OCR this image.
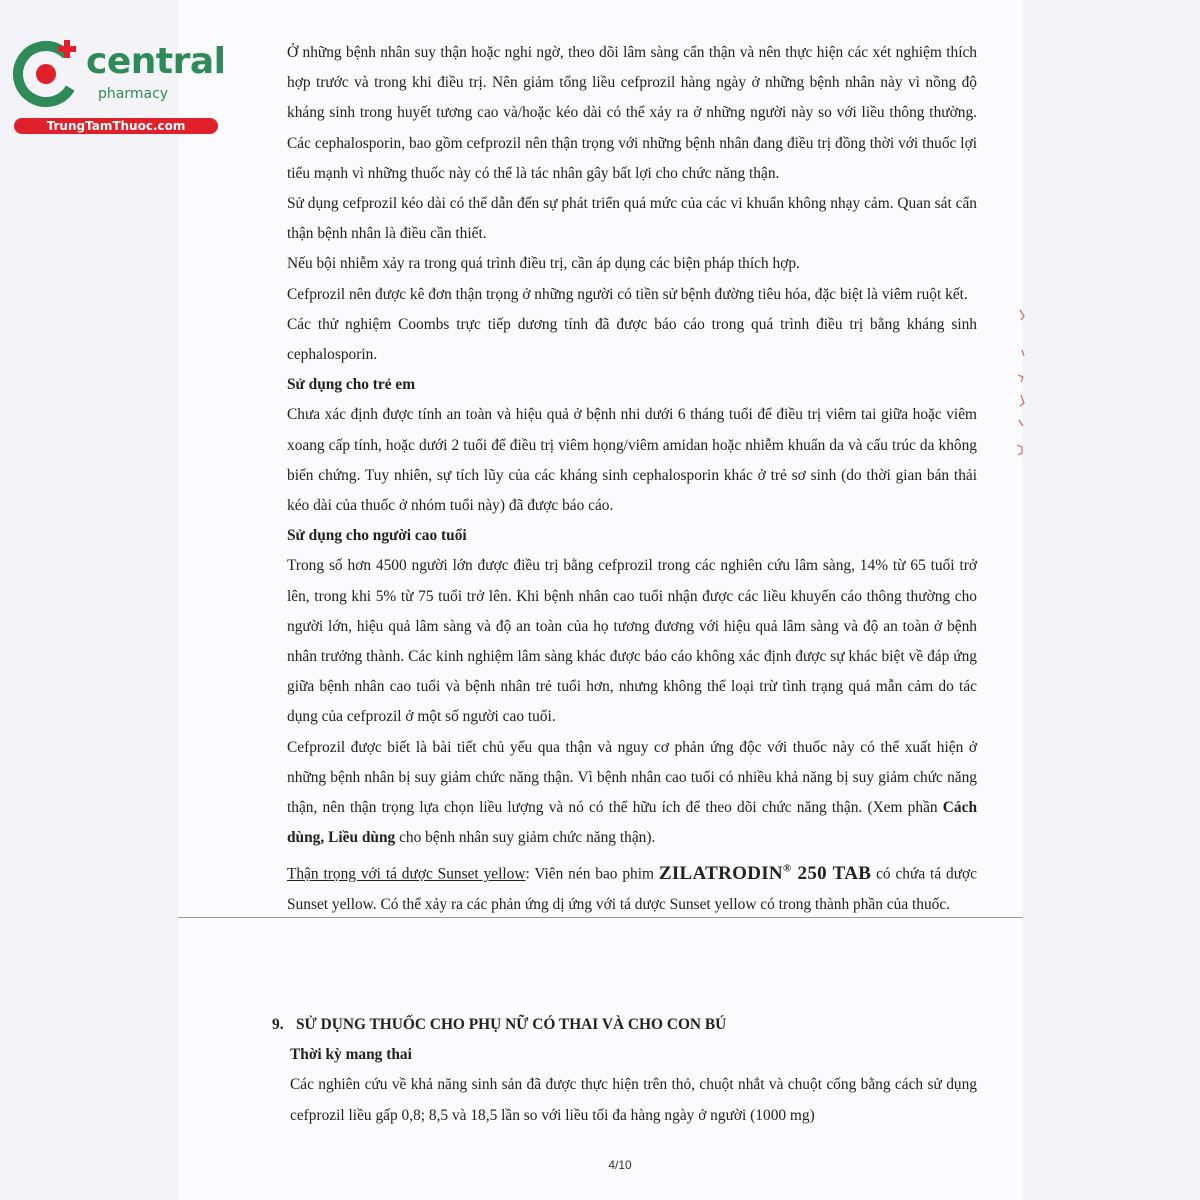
central
pharmacy
TrungTamThuoc.com

Ở những bệnh nhân suy thận hoặc nghi ngờ, theo dõi lâm sàng cẩn thận và nên thực hiện các xét nghiệm thích hợp trước và trong khi điều trị. Nên giảm tổng liều cefprozil hàng ngày ở những bệnh nhân này vì nồng độ kháng sinh trong huyết tương cao và/hoặc kéo dài có thể xảy ra ở những người này so với liều thông thường. Các cephalosporin, bao gồm cefprozil nên thận trọng với những bệnh nhân đang điều trị đồng thời với thuốc lợi tiểu mạnh vì những thuốc này có thể là tác nhân gây bất lợi cho chức năng thận.

Sử dụng cefprozil kéo dài có thể dẫn đến sự phát triển quá mức của các vi khuẩn không nhạy cảm. Quan sát cẩn thận bệnh nhân là điều cần thiết.

Nếu bội nhiễm xảy ra trong quá trình điều trị, cần áp dụng các biện pháp thích hợp.

Cefprozil nên được kê đơn thận trọng ở những người có tiền sử bệnh đường tiêu hóa, đặc biệt là viêm ruột kết.

Các thử nghiệm Coombs trực tiếp dương tính đã được báo cáo trong quá trình điều trị bằng kháng sinh cephalosporin.

Sử dụng cho trẻ em

Chưa xác định được tính an toàn và hiệu quả ở bệnh nhi dưới 6 tháng tuổi để điều trị viêm tai giữa hoặc viêm xoang cấp tính, hoặc dưới 2 tuổi để điều trị viêm họng/viêm amidan hoặc nhiễm khuẩn da và cấu trúc da không biến chứng. Tuy nhiên, sự tích lũy của các kháng sinh cephalosporin khác ở trẻ sơ sinh (do thời gian bán thải kéo dài của thuốc ở nhóm tuổi này) đã được báo cáo.

Sử dụng cho người cao tuổi

Trong số hơn 4500 người lớn được điều trị bằng cefprozil trong các nghiên cứu lâm sàng, 14% từ 65 tuổi trở lên, trong khi 5% từ 75 tuổi trở lên. Khi bệnh nhân cao tuổi nhận được các liều khuyến cáo thông thường cho người lớn, hiệu quả lâm sàng và độ an toàn của họ tương đương với hiệu quả lâm sàng và độ an toàn ở bệnh nhân trưởng thành. Các kinh nghiệm lâm sàng khác được báo cáo không xác định được sự khác biệt về đáp ứng giữa bệnh nhân cao tuổi và bệnh nhân trẻ tuổi hơn, nhưng không thể loại trừ tình trạng quá mẫn cảm do tác dụng của cefprozil ở một số người cao tuổi.

Cefprozil được biết là bài tiết chủ yếu qua thận và nguy cơ phản ứng độc với thuốc này có thể xuất hiện ở những bệnh nhân bị suy giảm chức năng thận. Vì bệnh nhân cao tuổi có nhiều khả năng bị suy giảm chức năng thận, nên thận trọng lựa chọn liều lượng và nó có thể hữu ích để theo dõi chức năng thận. (Xem phần Cách dùng, Liều dùng cho bệnh nhân suy giảm chức năng thận).

Thận trọng với tá dược Sunset yellow: Viên nén bao phim ZILATRODIN® 250 TAB có chứa tá dược Sunset yellow. Có thể xảy ra các phản ứng dị ứng với tá dược Sunset yellow có trong thành phần của thuốc.

9. SỬ DỤNG THUỐC CHO PHỤ NỮ CÓ THAI VÀ CHO CON BÚ

Thời kỳ mang thai

Các nghiên cứu về khả năng sinh sản đã được thực hiện trên thỏ, chuột nhắt và chuột cống bằng cách sử dụng cefprozil liều gấp 0,8; 8,5 và 18,5 lần so với liều tối đa hàng ngày ở người (1000 mg)

4/10
